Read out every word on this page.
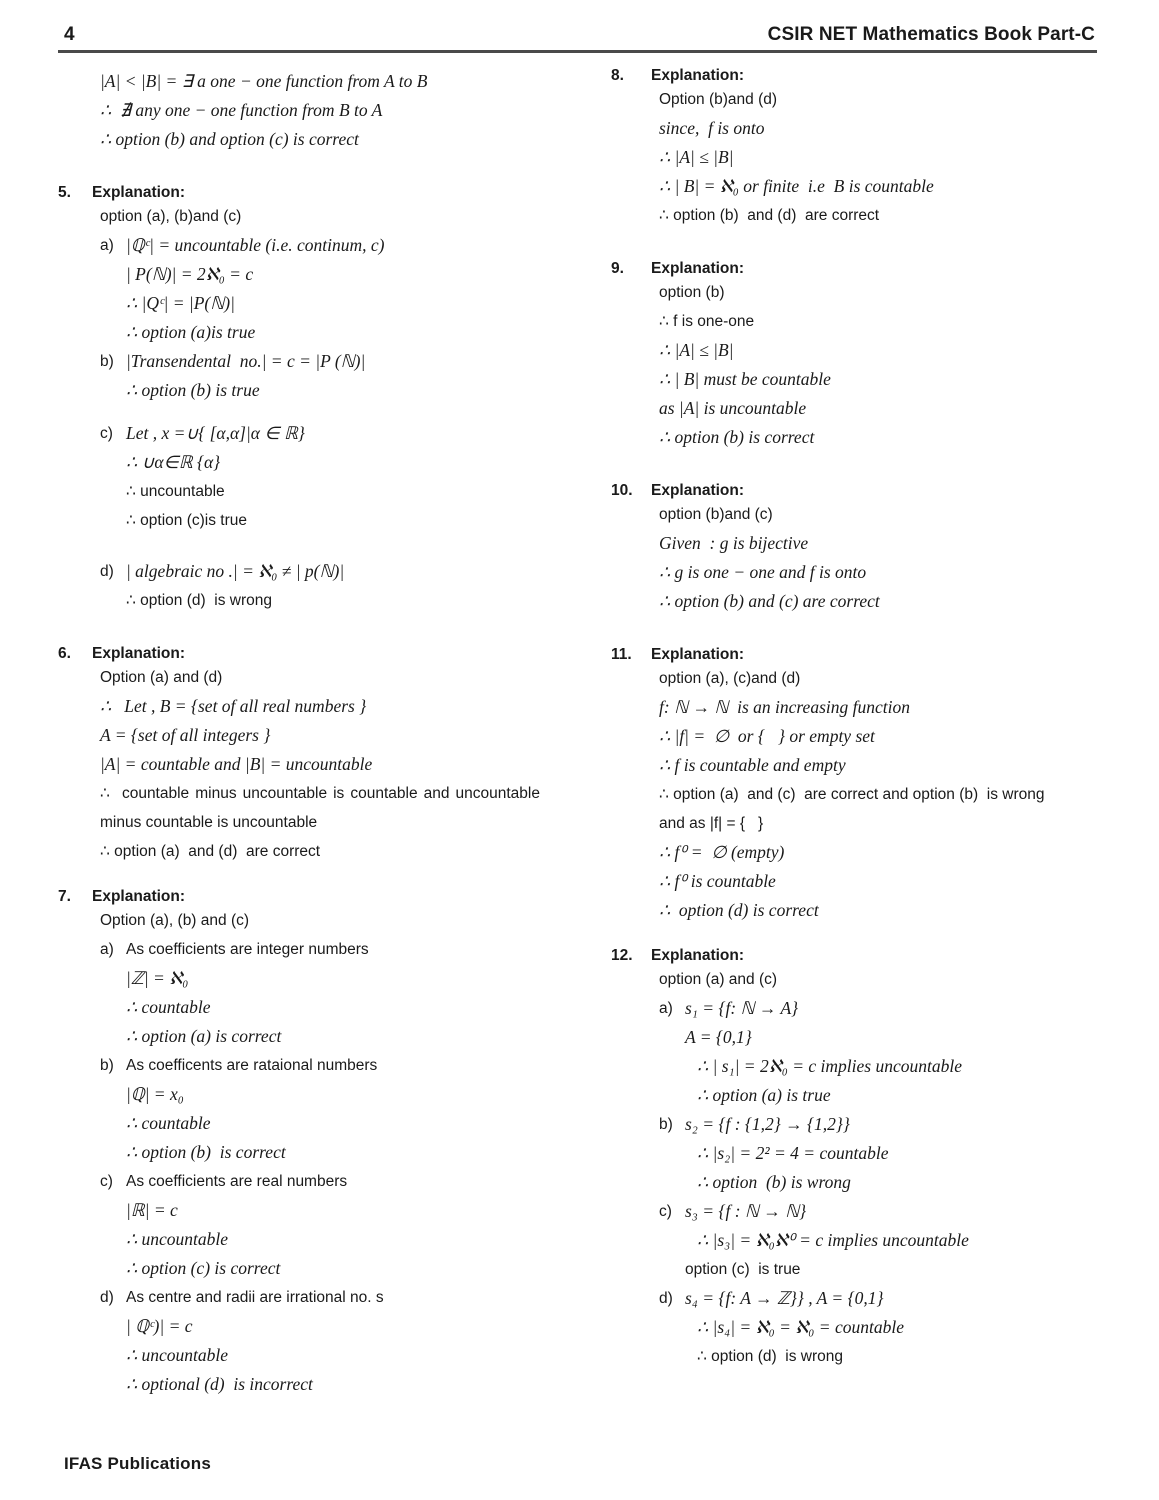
4	CSIR NET Mathematics Book Part-C
|A| < |B| = ∃ a one − one function from A to B
∴  ∄ any one − one function from B to A
∴ option (b) and option (c) is correct
5.	Explanation:
option (a), (b)and (c)
a) |ℚᶜ| = uncountable (i.e. continum, c)
| P(ℕ)| = 2ℵ₀ = c
∴ |Qᶜ| = |P(ℕ)|
∴ option (a)is true
b) |Transendental  no.| = c = |P (ℕ)|
∴ option (b) is true
c) Let , x =∪{ [α,α]|α ∈ ℝ}
∴ ∪α∈ℝ {α}
∴ uncountable
∴ option (c)is true
d) | algebraic no .| = ℵ₀ ≠ | p(ℕ)|
∴ option (d)  is wrong
6.	Explanation:
Option (a) and (d)
∴   Let , B = {set of all real numbers }
A = {set of all integers }
|A| = countable and |B| = uncountable
∴  countable minus uncountable is countable and uncountable minus countable is uncountable
∴ option (a)  and (d)  are correct
7.	Explanation:
Option (a), (b) and (c)
a) As coefficients are integer numbers
|ℤ| = ℵ₀
∴ countable
∴ option (a) is correct
b) As coefficents are rataional numbers
|ℚ| = x₀
∴ countable
∴ option (b)  is correct
c) As coefficients are real numbers
|ℝ| = c
∴ uncountable
∴ option (c) is correct
d) As centre and radii are irrational no. s
| ℚᶜ)| = c
∴ uncountable
∴ optional (d)  is incorrect
8.	Explanation:
Option (b)and (d)
since,  f is onto
∴ |A| ≤ |B|
∴ | B| = ℵ₀ or finite  i.e  B is countable
∴ option (b)  and (d)  are correct
9.	Explanation:
option (b)
∴ f is one-one
∴ |A| ≤ |B|
∴ | B| must be countable
as |A| is uncountable
∴ option (b) is correct
10.	Explanation:
option (b)and (c)
Given  : g is bijective
∴ g is one − one and f is onto
∴ option (b) and (c) are correct
11.	Explanation:
option (a), (c)and (d)
f: ℕ → ℕ  is an increasing function
∴ |f| =  ∅  or {   } or empty set
∴ f is countable and empty
∴ option (a)  and (c)  are correct and option (b)  is wrong
and as |f| = {   }
∴ f⁰ =  ∅ (empty)
∴ f⁰ is countable
∴  option (d) is correct
12.	Explanation:
option (a) and (c)
a) s₁ = {f: ℕ → A}
A = {0,1}
∴ | s₁| = 2ℵ₀ = c implies uncountable
∴ option (a) is true
b) s₂ = {f : {1,2} → {1,2}}
∴ |s₂| = 2² = 4 = countable
∴ option  (b) is wrong
c) s₃ = {f : ℕ → ℕ}
∴ |s₃| = ℵ₀ℵ⁰ = c implies uncountable
option (c)  is true
d) s₄ = {f: A → ℤ}} , A = {0,1}
∴ |s₄| = ℵ₀ = ℵ₀ = countable
∴ option (d)  is wrong
IFAS Publications
